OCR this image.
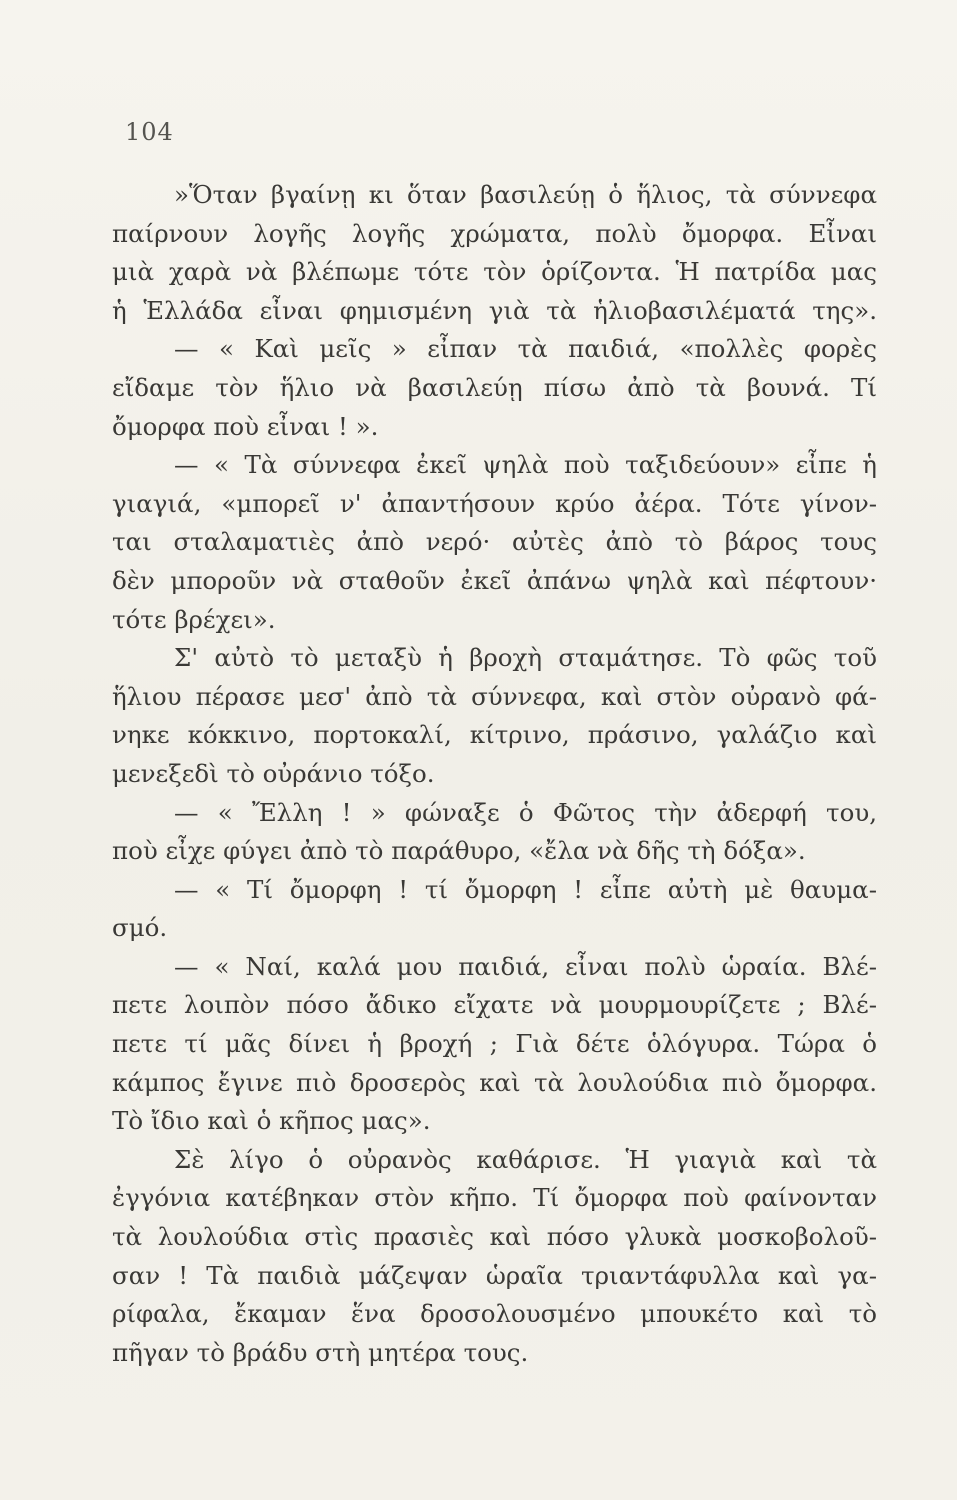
104
»Ὅταν βγαίνῃ κι ὅταν βασιλεύῃ ὁ ἥλιος, τὰ σύννεφα
παίρνουν λογῆς λογῆς χρώματα, πολὺ ὄμορφα. Εἶναι
μιὰ χαρὰ νὰ βλέπωμε τότε τὸν ὁρίζοντα. Ἡ πατρίδα μας
ἡ Ἑλλάδα εἶναι φημισμένη γιὰ τὰ ἡλιοβασιλέματά της».
— « Καὶ μεῖς » εἶπαν τὰ παιδιά, «πολλὲς φορὲς
εἴδαμε τὸν ἥλιο νὰ βασιλεύῃ πίσω ἀπὸ τὰ βουνά. Τί
ὄμορφα ποὺ εἶναι ! ».
— « Τὰ σύννεφα ἐκεῖ ψηλὰ ποὺ ταξιδεύουν» εἶπε ἡ
γιαγιά, «μπορεῖ ν' ἀπαντήσουν κρύο ἀέρα. Τότε γίνον-
ται σταλαματιὲς ἀπὸ νερό· αὐτὲς ἀπὸ τὸ βάρος τους
δὲν μποροῦν νὰ σταθοῦν ἐκεῖ ἀπάνω ψηλὰ καὶ πέφτουν·
τότε βρέχει».
Σ' αὐτὸ τὸ μεταξὺ ἡ βροχὴ σταμάτησε. Τὸ φῶς τοῦ
ἥλιου πέρασε μεσ' ἀπὸ τὰ σύννεφα, καὶ στὸν οὐρανὸ φά-
νηκε κόκκινο, πορτοκαλί, κίτρινο, πράσινο, γαλάζιο καὶ
μενεξεδὶ τὸ οὐράνιο τόξο.
— « Ἔλλη ! » φώναξε ὁ Φῶτος τὴν ἀδερφή του,
ποὺ εἶχε φύγει ἀπὸ τὸ παράθυρο, «ἔλα νὰ δῆς τὴ δόξα».
— « Τί ὄμορφη ! τί ὄμορφη ! εἶπε αὐτὴ μὲ θαυμα-
σμό.
— « Ναί, καλά μου παιδιά, εἶναι πολὺ ὡραία. Βλέ-
πετε λοιπὸν πόσο ἄδικο εἴχατε νὰ μουρμουρίζετε ; Βλέ-
πετε τί μᾶς δίνει ἡ βροχή ; Γιὰ δέτε ὁλόγυρα. Τώρα ὁ
κάμπος ἔγινε πιὸ δροσερὸς καὶ τὰ λουλούδια πιὸ ὄμορφα.
Τὸ ἴδιο καὶ ὁ κῆπος μας».
Σὲ λίγο ὁ οὐρανὸς καθάρισε. Ἡ γιαγιὰ καὶ τὰ
ἐγγόνια κατέβηκαν στὸν κῆπο. Τί ὄμορφα ποὺ φαίνονταν
τὰ λουλούδια στὶς πρασιὲς καὶ πόσο γλυκὰ μοσκοβολοῦ-
σαν ! Τὰ παιδιὰ μάζεψαν ὡραῖα τριαντάφυλλα καὶ γα-
ρίφαλα, ἔκαμαν ἕνα δροσολουσμένο μπουκέτο καὶ τὸ
πῆγαν τὸ βράδυ στὴ μητέρα τους.
